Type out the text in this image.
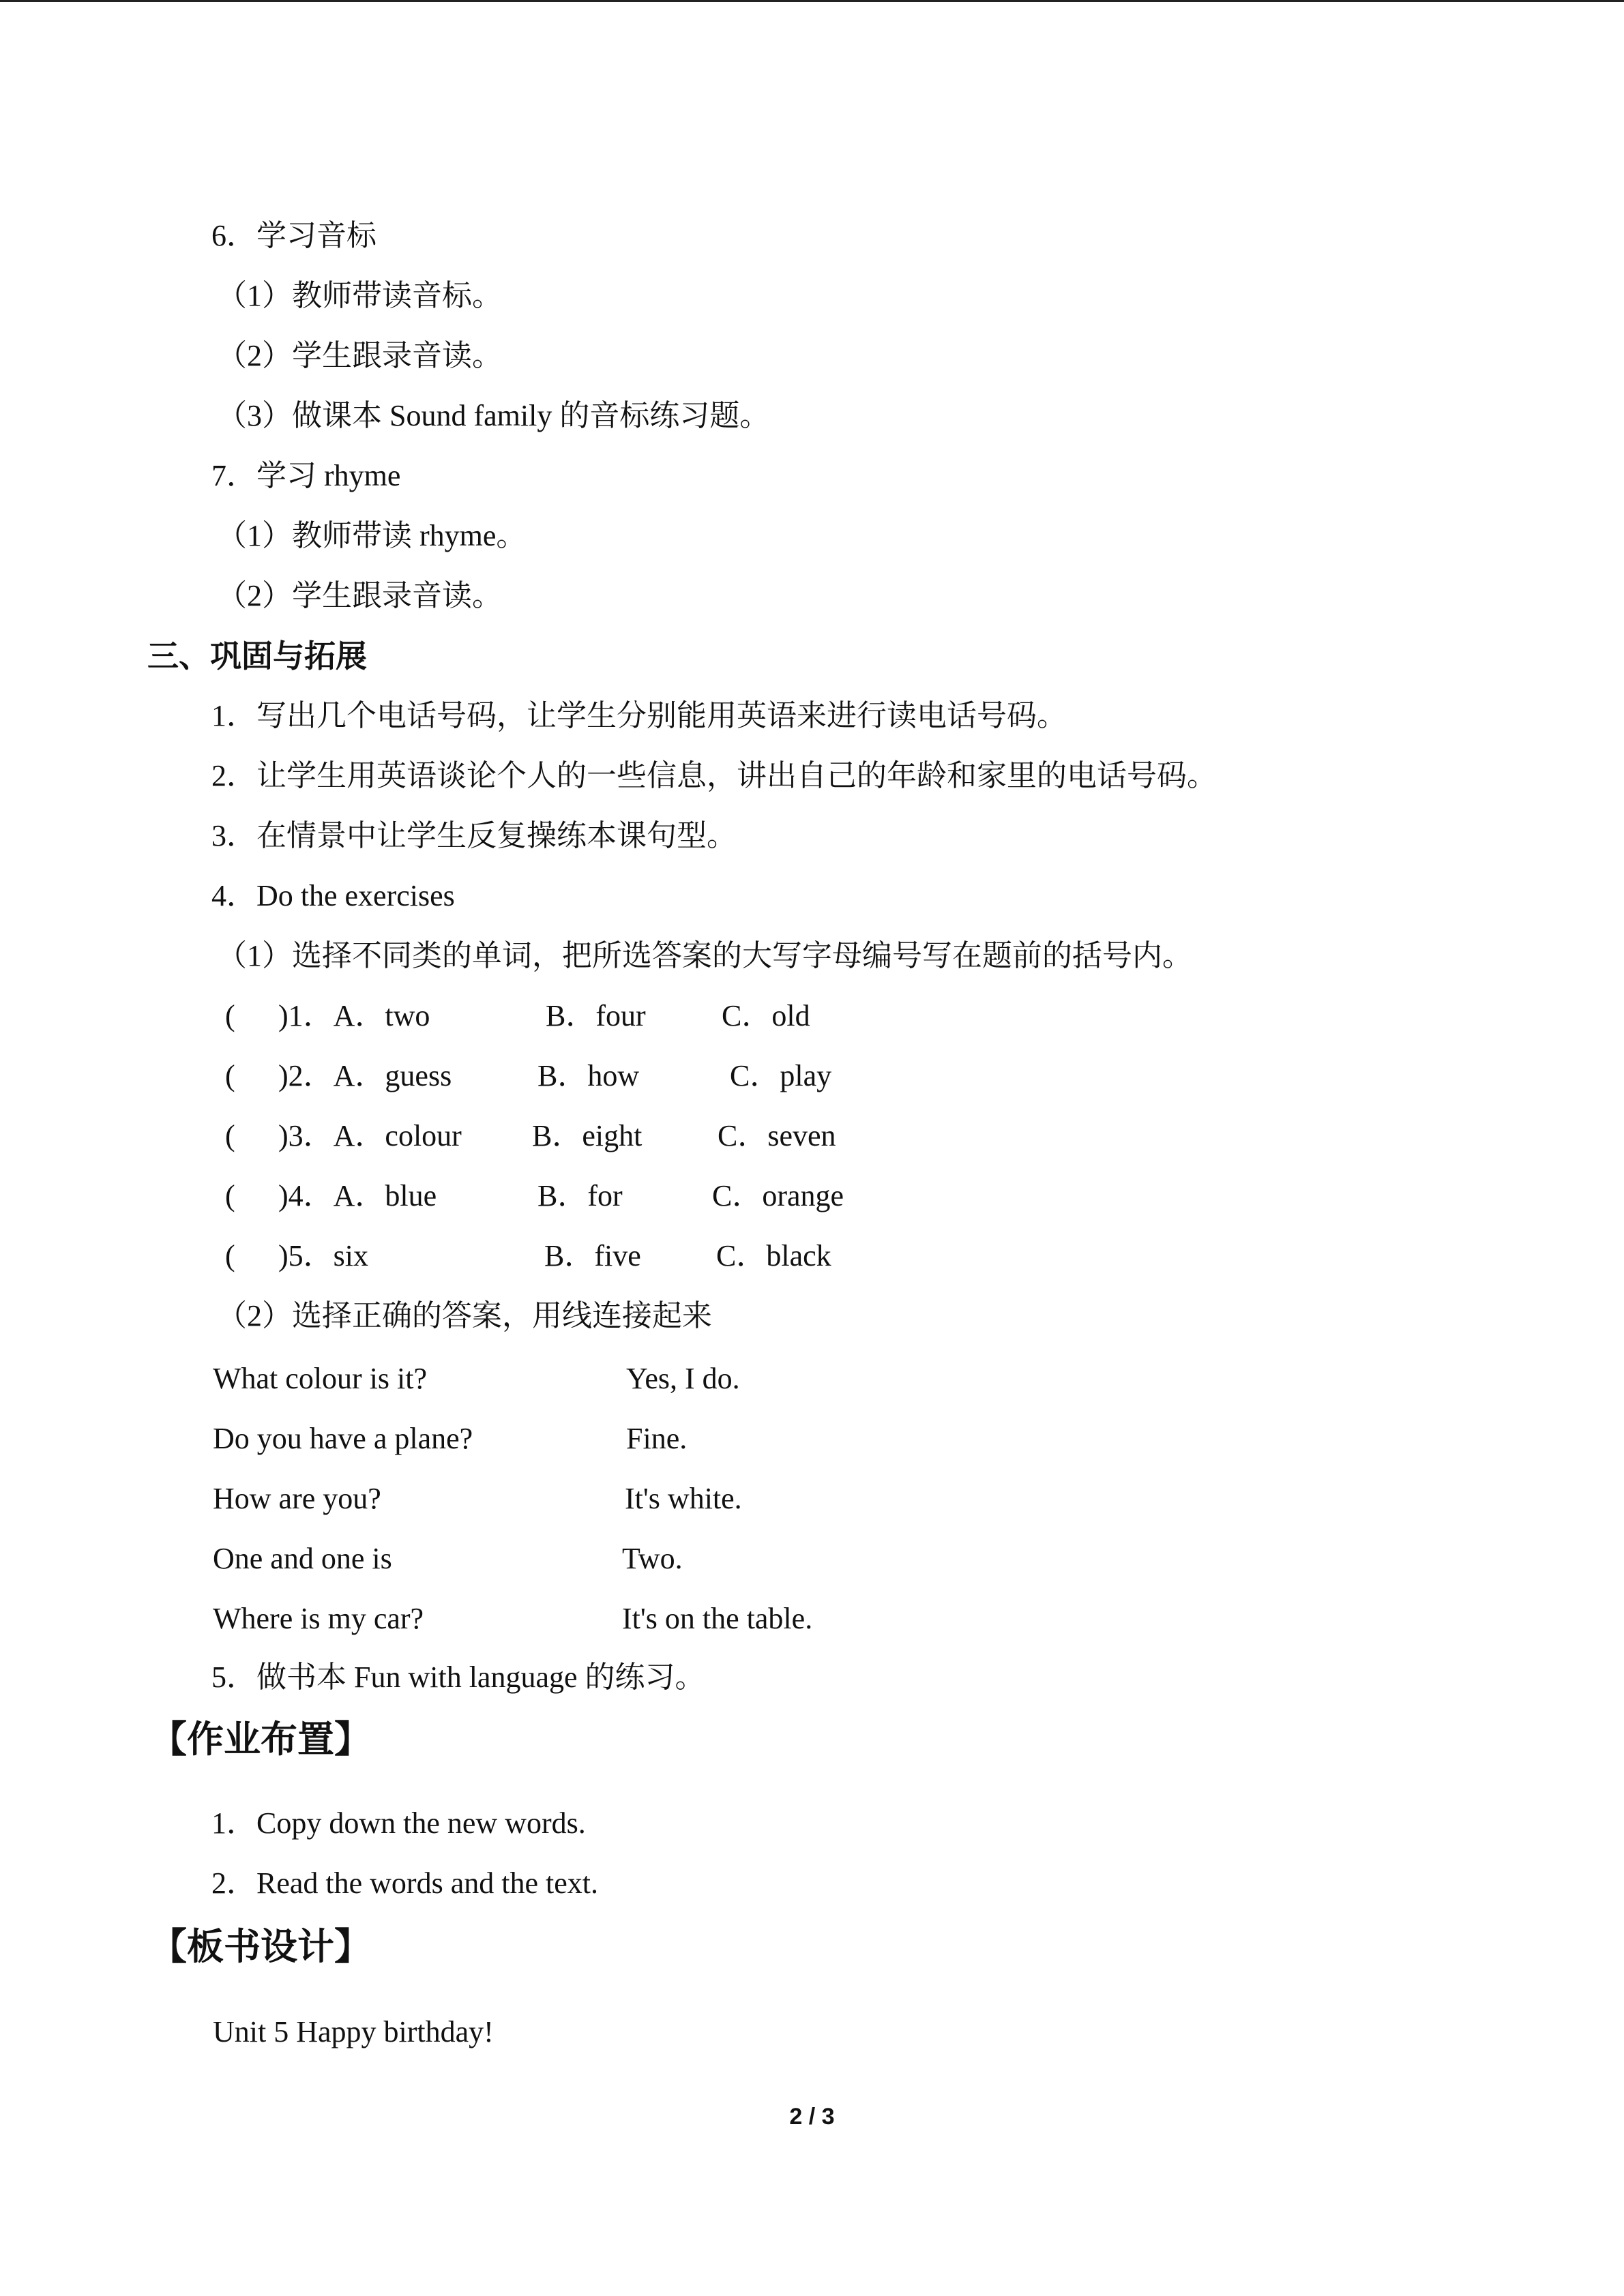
6．学习音标
（1）教师带读音标。
（2）学生跟录音读。
（3）做课本 Sound family 的音标练习题。
7．学习 rhyme
（1）教师带读 rhyme。
（2）学生跟录音读。
三、巩固与拓展
1．写出几个电话号码，让学生分别能用英语来进行读电话号码。
2．让学生用英语谈论个人的一些信息，讲出自己的年龄和家里的电话号码。
3．在情景中让学生反复操练本课句型。
4．Do the exercises
（1）选择不同类的单词，把所选答案的大写字母编号写在题前的括号内。
( )1．A．two	B．four	C．old
( )2．A．guess	B．how	C．play
( )3．A．colour B．eight	C．seven
( )4．A．blue	B．for	C．orange
( )5．six	B．five	C．black
（2）选择正确的答案，用线连接起来
What colour is it?	Yes, I do.
Do you have a plane?	Fine.
How are you?	It's white.
One and one is	Two.
Where is my car?	It's on the table.
5．做书本 Fun with language 的练习。
【作业布置】
1．Copy down the new words.
2．Read the words and the text.
【板书设计】
Unit 5 Happy birthday!
2 / 3
